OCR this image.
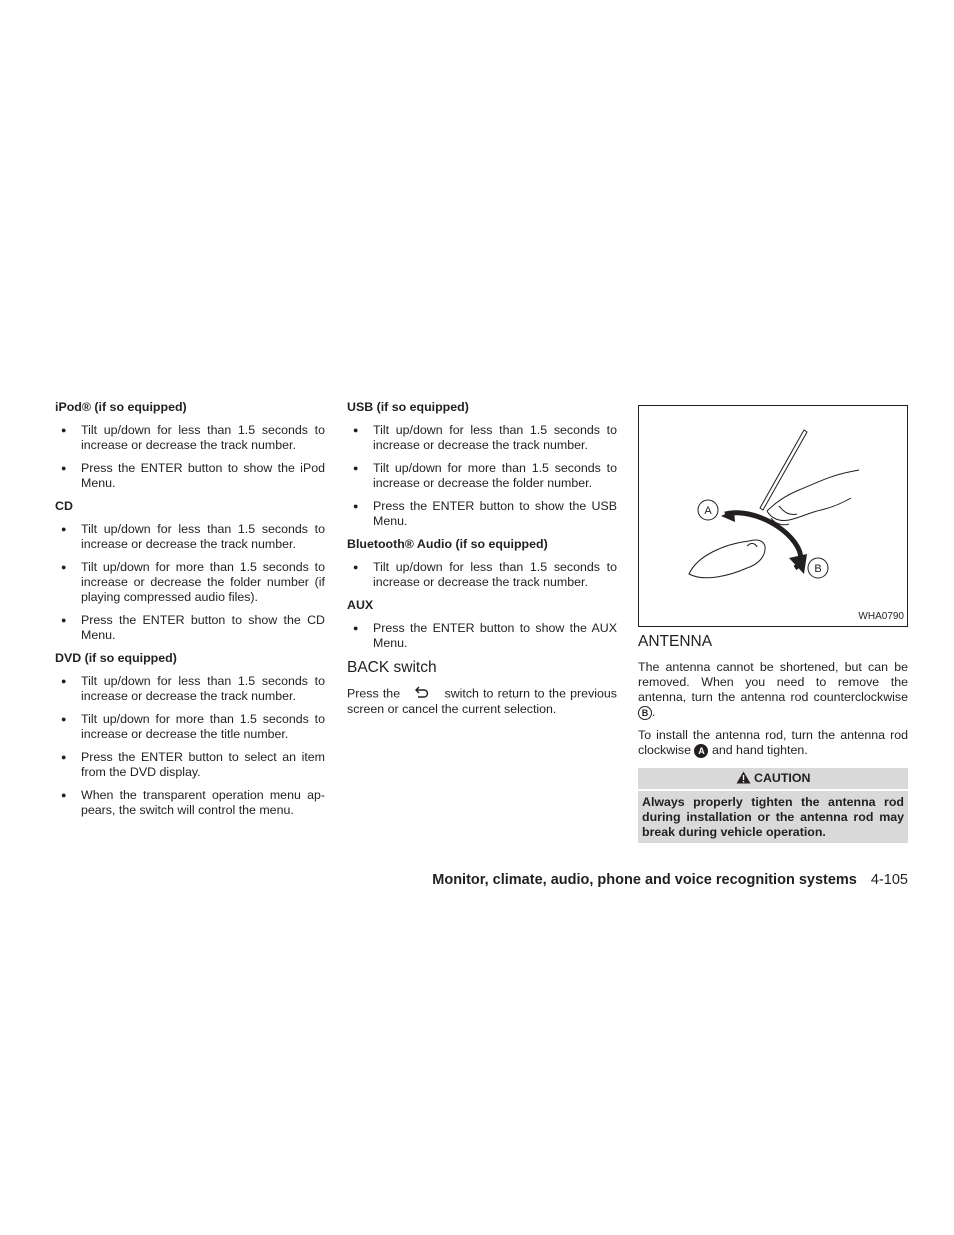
iPod® (if so equipped)
● Tilt up/down for less than 1.5 seconds to increase or decrease the track number.
● Press the ENTER button to show the iPod Menu.
CD
● Tilt up/down for less than 1.5 seconds to increase or decrease the track number.
● Tilt up/down for more than 1.5 seconds to increase or decrease the folder number (if playing compressed audio files).
● Press the ENTER button to show the CD Menu.
DVD (if so equipped)
● Tilt up/down for less than 1.5 seconds to increase or decrease the track number.
● Tilt up/down for more than 1.5 seconds to increase or decrease the title number.
● Press the ENTER button to select an item from the DVD display.
● When the transparent operation menu ap-pears, the switch will control the menu.
USB (if so equipped)
● Tilt up/down for less than 1.5 seconds to increase or decrease the track number.
● Tilt up/down for more than 1.5 seconds to increase or decrease the folder number.
● Press the ENTER button to show the USB Menu.
Bluetooth® Audio (if so equipped)
● Tilt up/down for less than 1.5 seconds to increase or decrease the track number.
AUX
● Press the ENTER button to show the AUX Menu.
BACK switch

Press the	switch to return to the previous screen or cancel the current selection.

A
B
WHA0790
ANTENNA

The antenna cannot be shortened, but can be removed. When you need to remove the antenna, turn the antenna rod counterclockwise B .

To install the antenna rod, turn the antenna rod clockwise A and hand tighten.

CAUTION
Always properly tighten the antenna rod during installation or the antenna rod may break during vehicle operation.
Monitor, climate, audio, phone and voice recognition systems 4-105
